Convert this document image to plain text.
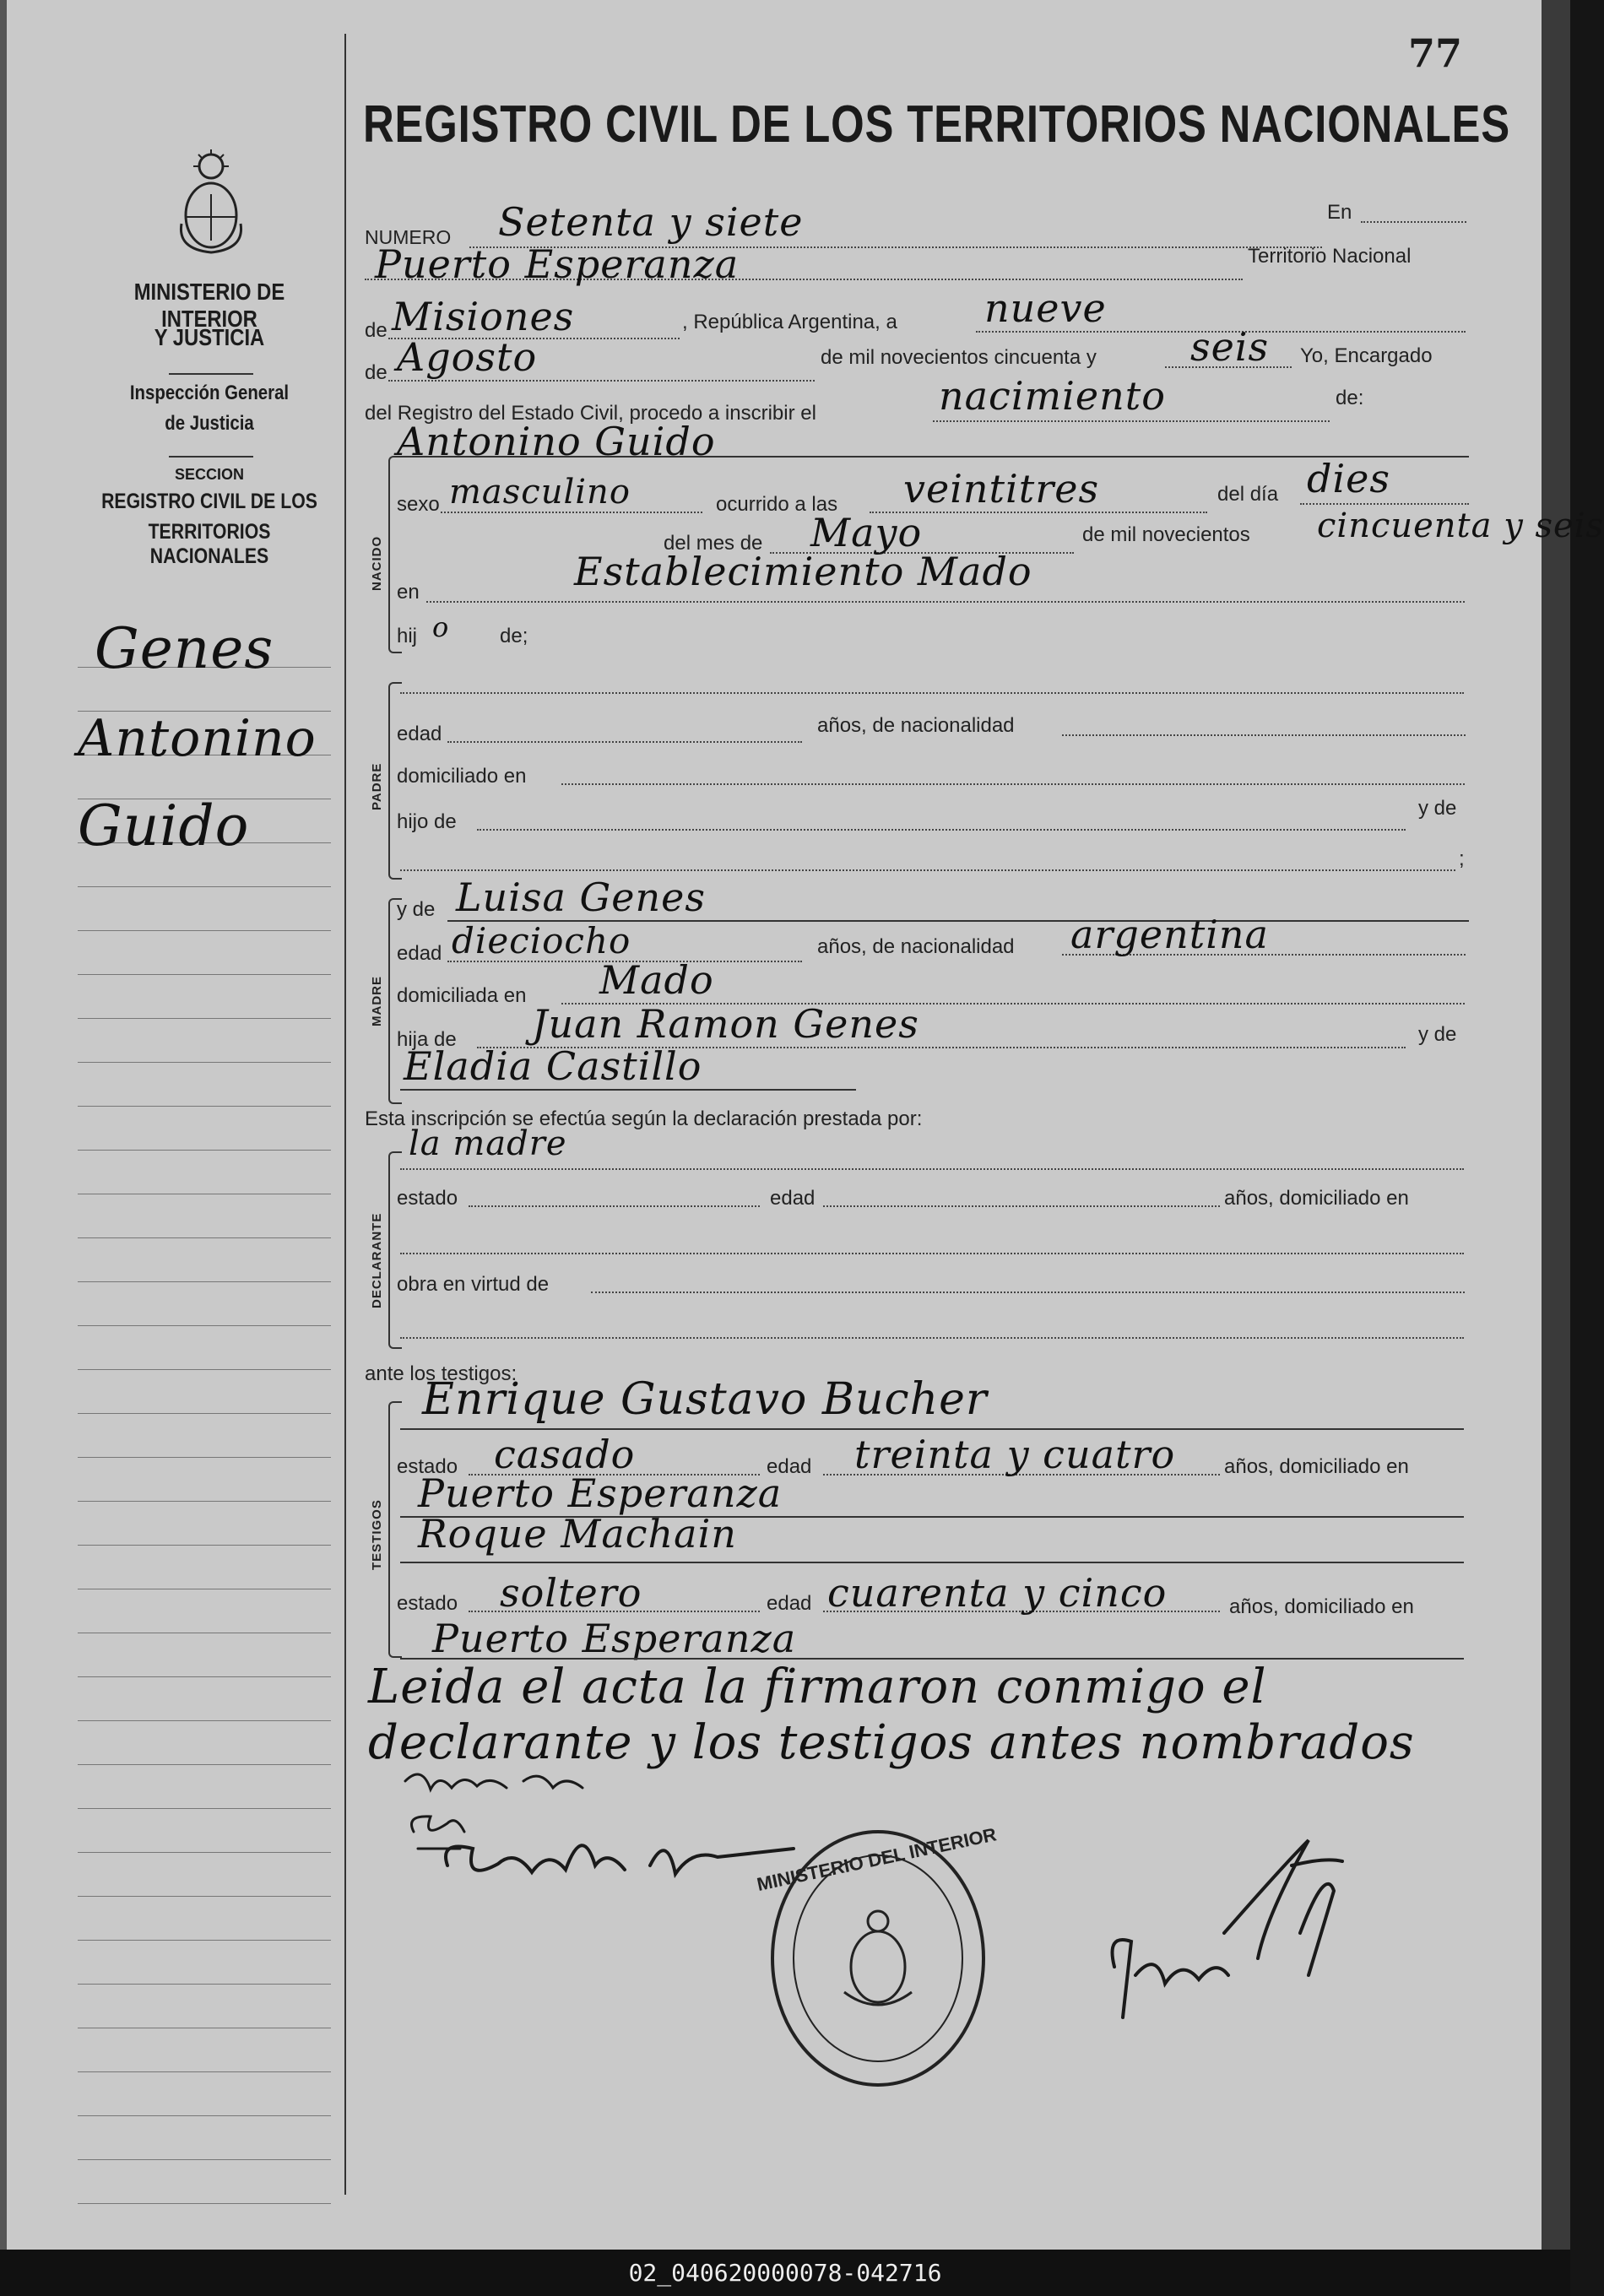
77
REGISTRO CIVIL DE LOS TERRITORIOS NACIONALES
MINISTERIO DE INTERIOR
Y JUSTICIA
Inspección General
de Justicia
SECCION
REGISTRO CIVIL DE LOS
TERRITORIOS NACIONALES
Genes
Antonino
Guido
NUMERO Setenta y siete	En
Puerto Esperanza	Territorio Nacional
de Misiones	, República Argentina, a nueve
de Agosto	de mil novecientos cincuenta y seis Yo, Encargado
del Registro del Estado Civil, procedo a inscribir el	nacimiento	de:
Antonino Guido
NACIDO
sexo masculino	ocurrido a las veintitres	del día dies
del mes de Mayo	de mil novecientos cincuenta y seis
en	Establecimiento Mado
hij o de;
PADRE
edad	años, de nacionalidad
domiciliado en
hijo de
y de
;
MADRE
y de Luisa Genes
edad dieciocho	años, de nacionalidad argentina
domiciliada en Mado
hija de Juan Ramon Genes	y de
Eladia Castillo
Esta inscripción se efectúa según la declaración prestada por:
la madre
DECLARANTE
estado	edad	años, domiciliado en
obra en virtud de
ante los testigos:
TESTIGOS
Enrique Gustavo Bucher
estado casado	edad treinta y cuatro años, domiciliado en
Puerto Esperanza
Roque Machain
estado soltero	edad cuarenta y cinco	años, domiciliado en
Puerto Esperanza
Leida el acta la firmaron conmigo el
declarante y los testigos antes nombrados
MINISTERIO DEL INTERIOR
02_040620000078-042716
